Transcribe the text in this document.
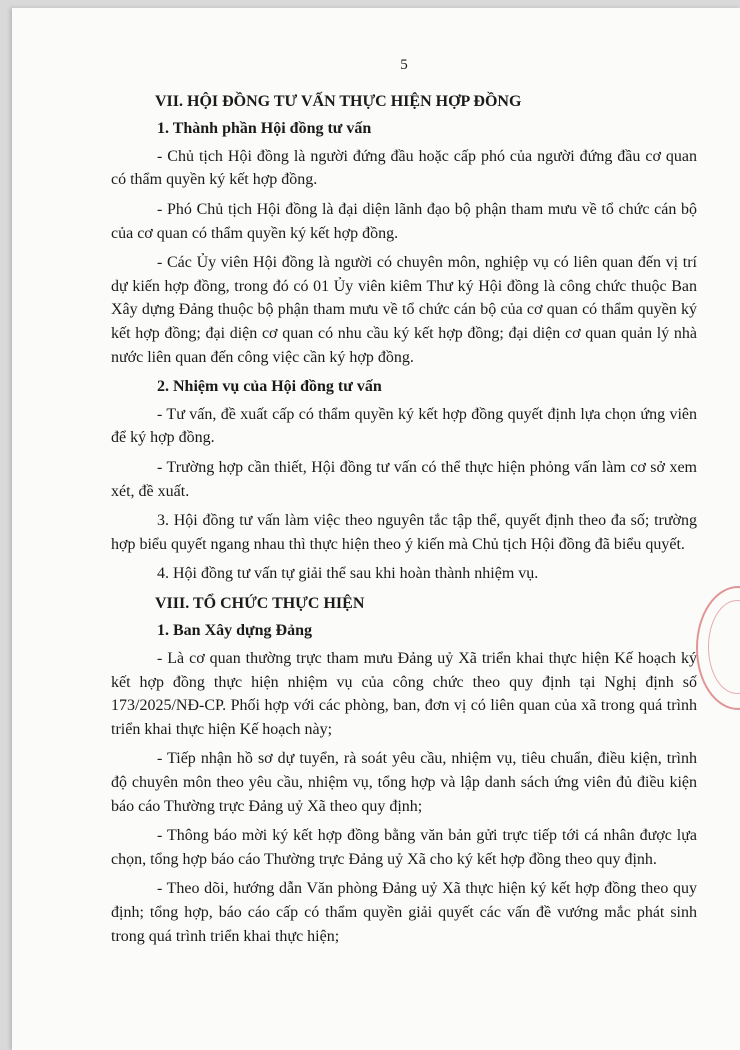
5
VII. HỘI ĐỒNG TƯ VẤN THỰC HIỆN HỢP ĐỒNG
1. Thành phần Hội đồng tư vấn

- Chủ tịch Hội đồng là người đứng đầu hoặc cấp phó của người đứng đầu cơ quan có thẩm quyền ký kết hợp đồng.

- Phó Chủ tịch Hội đồng là đại diện lãnh đạo bộ phận tham mưu về tổ chức cán bộ của cơ quan có thẩm quyền ký kết hợp đồng.

- Các Ủy viên Hội đồng là người có chuyên môn, nghiệp vụ có liên quan đến vị trí dự kiến hợp đồng, trong đó có 01 Ủy viên kiêm Thư ký Hội đồng là công chức thuộc Ban Xây dựng Đảng thuộc bộ phận tham mưu về tổ chức cán bộ của cơ quan có thẩm quyền ký kết hợp đồng; đại diện cơ quan có nhu cầu ký kết hợp đồng; đại diện cơ quan quản lý nhà nước liên quan đến công việc cần ký hợp đồng.

2. Nhiệm vụ của Hội đồng tư vấn

- Tư vấn, đề xuất cấp có thẩm quyền ký kết hợp đồng quyết định lựa chọn ứng viên để ký hợp đồng.

- Trường hợp cần thiết, Hội đồng tư vấn có thể thực hiện phỏng vấn làm cơ sở xem xét, đề xuất.

3. Hội đồng tư vấn làm việc theo nguyên tắc tập thể, quyết định theo đa số; trường hợp biểu quyết ngang nhau thì thực hiện theo ý kiến mà Chủ tịch Hội đồng đã biểu quyết.

4. Hội đồng tư vấn tự giải thể sau khi hoàn thành nhiệm vụ.

VIII. TỔ CHỨC THỰC HIỆN
1. Ban Xây dựng Đảng

- Là cơ quan thường trực tham mưu Đảng uỷ Xã triển khai thực hiện Kế hoạch ký kết hợp đồng thực hiện nhiệm vụ của công chức theo quy định tại Nghị định số 173/2025/NĐ-CP. Phối hợp với các phòng, ban, đơn vị có liên quan của xã trong quá trình triển khai thực hiện Kế hoạch này;

- Tiếp nhận hồ sơ dự tuyển, rà soát yêu cầu, nhiệm vụ, tiêu chuẩn, điều kiện, trình độ chuyên môn theo yêu cầu, nhiệm vụ, tổng hợp và lập danh sách ứng viên đủ điều kiện báo cáo Thường trực Đảng uỷ Xã theo quy định;

- Thông báo mời ký kết hợp đồng bằng văn bản gửi trực tiếp tới cá nhân được lựa chọn, tổng hợp báo cáo Thường trực Đảng uỷ Xã cho ký kết hợp đồng theo quy định.

- Theo dõi, hướng dẫn Văn phòng Đảng uỷ Xã thực hiện ký kết hợp đồng theo quy định; tổng hợp, báo cáo cấp có thẩm quyền giải quyết các vấn đề vướng mắc phát sinh trong quá trình triển khai thực hiện;
